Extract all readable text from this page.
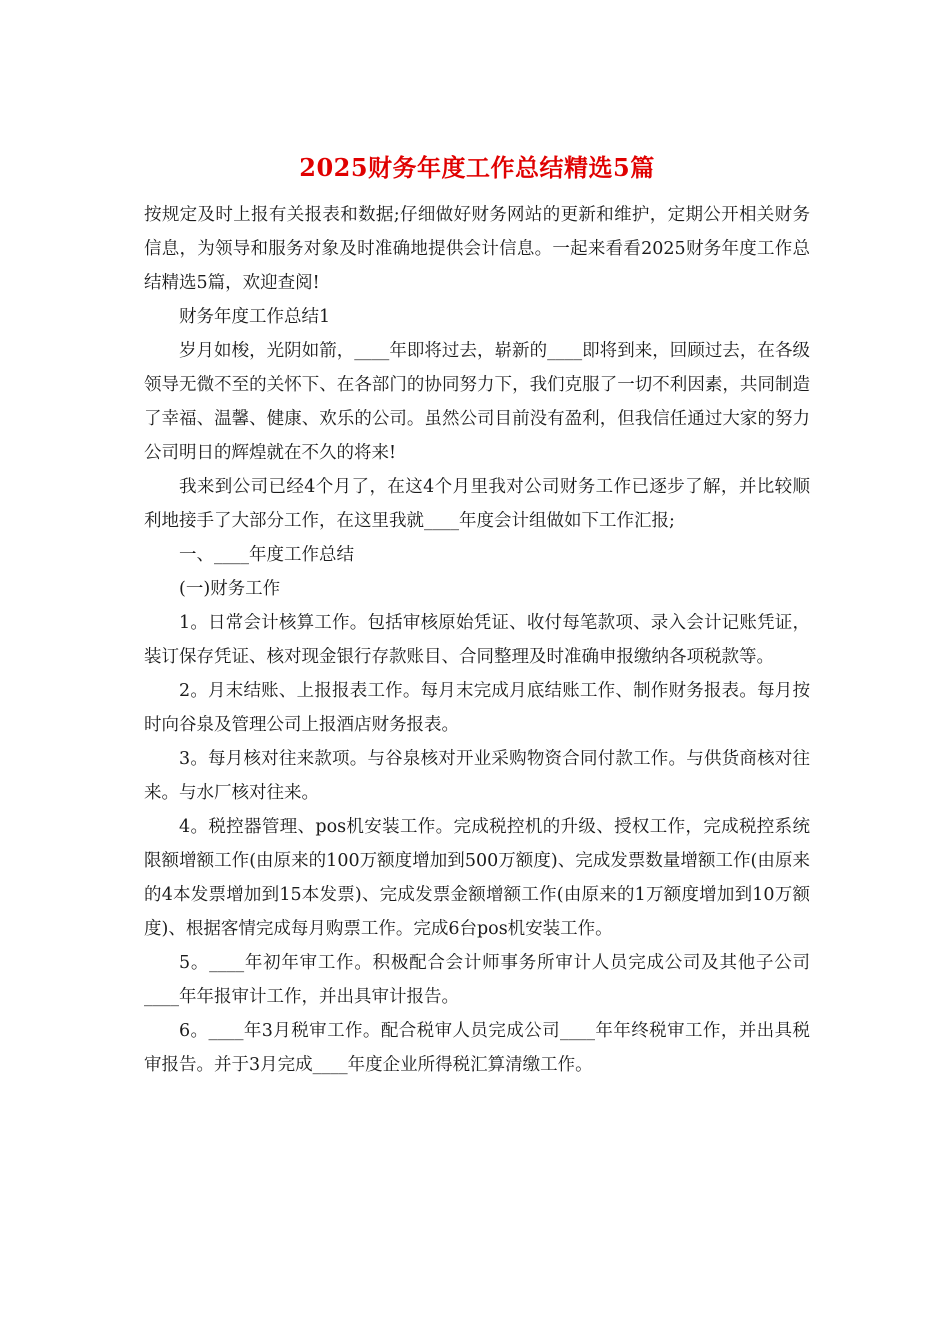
2025财务年度工作总结精选5篇

按规定及时上报有关报表和数据;仔细做好财务网站的更新和维护，定期公开相关财务信息，为领导和服务对象及时准确地提供会计信息。一起来看看2025财务年度工作总结精选5篇，欢迎查阅!

财务年度工作总结1

岁月如梭，光阴如箭，____年即将过去，崭新的____即将到来，回顾过去，在各级领导无微不至的关怀下、在各部门的协同努力下，我们克服了一切不利因素，共同制造了幸福、温馨、健康、欢乐的公司。虽然公司目前没有盈利，但我信任通过大家的努力公司明日的辉煌就在不久的将来!

我来到公司已经4个月了，在这4个月里我对公司财务工作已逐步了解，并比较顺利地接手了大部分工作，在这里我就____年度会计组做如下工作汇报;

一、____年度工作总结

(一)财务工作

1。日常会计核算工作。包括审核原始凭证、收付每笔款项、录入会计记账凭证，装订保存凭证、核对现金银行存款账目、合同整理及时准确申报缴纳各项税款等。

2。月末结账、上报报表工作。每月末完成月底结账工作、制作财务报表。每月按时向谷泉及管理公司上报酒店财务报表。

3。每月核对往来款项。与谷泉核对开业采购物资合同付款工作。与供货商核对往来。与水厂核对往来。

4。税控器管理、pos机安装工作。完成税控机的升级、授权工作，完成税控系统限额增额工作(由原来的100万额度增加到500万额度)、完成发票数量增额工作(由原来的4本发票增加到15本发票)、完成发票金额增额工作(由原来的1万额度增加到10万额度)、根据客情完成每月购票工作。完成6台pos机安装工作。

5。____年初年审工作。积极配合会计师事务所审计人员完成公司及其他子公司____年年报审计工作，并出具审计报告。

6。____年3月税审工作。配合税审人员完成公司____年年终税审工作，并出具税审报告。并于3月完成____年度企业所得税汇算清缴工作。
